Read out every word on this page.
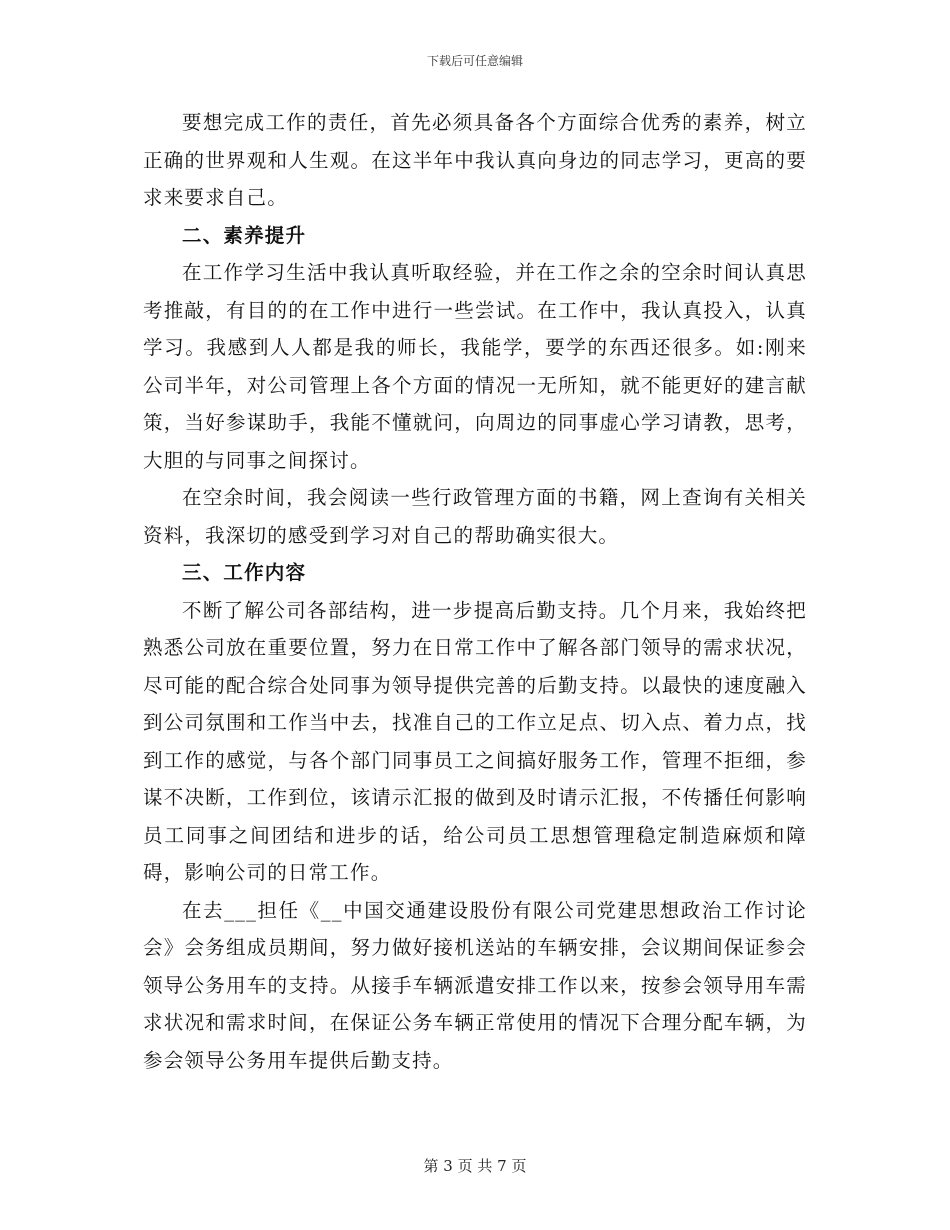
下载后可任意编辑

要想完成工作的责任，首先必须具备各个方面综合优秀的素养，树立正确的世界观和人生观。在这半年中我认真向身边的同志学习，更高的要求来要求自己。

二、素养提升

在工作学习生活中我认真听取经验，并在工作之余的空余时间认真思考推敲，有目的的在工作中进行一些尝试。在工作中，我认真投入，认真学习。我感到人人都是我的师长，我能学，要学的东西还很多。如:刚来公司半年，对公司管理上各个方面的情况一无所知，就不能更好的建言献策，当好参谋助手，我能不懂就问，向周边的同事虚心学习请教，思考，大胆的与同事之间探讨。

在空余时间，我会阅读一些行政管理方面的书籍，网上查询有关相关资料，我深切的感受到学习对自己的帮助确实很大。

三、工作内容

不断了解公司各部结构，进一步提高后勤支持。几个月来，我始终把熟悉公司放在重要位置，努力在日常工作中了解各部门领导的需求状况，尽可能的配合综合处同事为领导提供完善的后勤支持。以最快的速度融入到公司氛围和工作当中去，找准自己的工作立足点、切入点、着力点，找到工作的感觉，与各个部门同事员工之间搞好服务工作，管理不拒细，参谋不决断，工作到位，该请示汇报的做到及时请示汇报，不传播任何影响员工同事之间团结和进步的话，给公司员工思想管理稳定制造麻烦和障碍，影响公司的日常工作。

在去___担任《__中国交通建设股份有限公司党建思想政治工作讨论会》会务组成员期间，努力做好接机送站的车辆安排，会议期间保证参会领导公务用车的支持。从接手车辆派遣安排工作以来，按参会领导用车需求状况和需求时间，在保证公务车辆正常使用的情况下合理分配车辆，为参会领导公务用车提供后勤支持。

第 3 页 共 7 页
